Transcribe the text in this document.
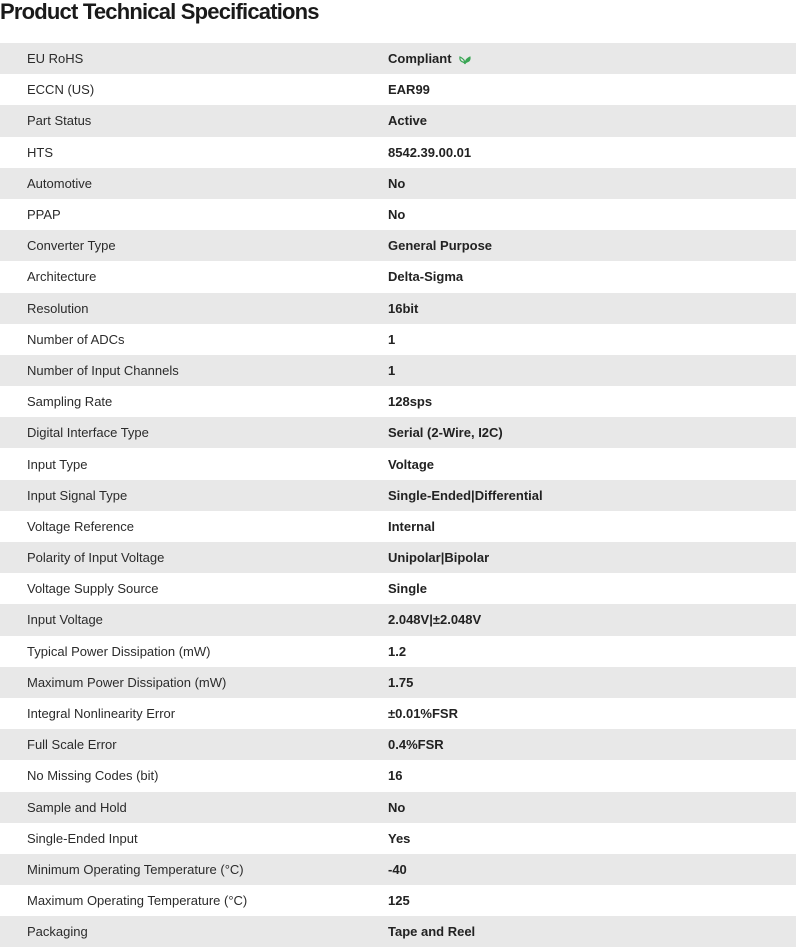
Product Technical Specifications
EU RoHS	Compliant
ECCN (US)	EAR99
Part Status	Active
HTS	8542.39.00.01
Automotive	No
PPAP	No
Converter Type	General Purpose
Architecture	Delta-Sigma
Resolution	16bit
Number of ADCs	1
Number of Input Channels	1
Sampling Rate	128sps
Digital Interface Type	Serial (2-Wire, I2C)
Input Type	Voltage
Input Signal Type	Single-Ended|Differential
Voltage Reference	Internal
Polarity of Input Voltage	Unipolar|Bipolar
Voltage Supply Source	Single
Input Voltage	2.048V|±2.048V
Typical Power Dissipation (mW)	1.2
Maximum Power Dissipation (mW)	1.75
Integral Nonlinearity Error	±0.01%FSR
Full Scale Error	0.4%FSR
No Missing Codes (bit)	16
Sample and Hold	No
Single-Ended Input	Yes
Minimum Operating Temperature (°C)	-40
Maximum Operating Temperature (°C)	125
Packaging	Tape and Reel
